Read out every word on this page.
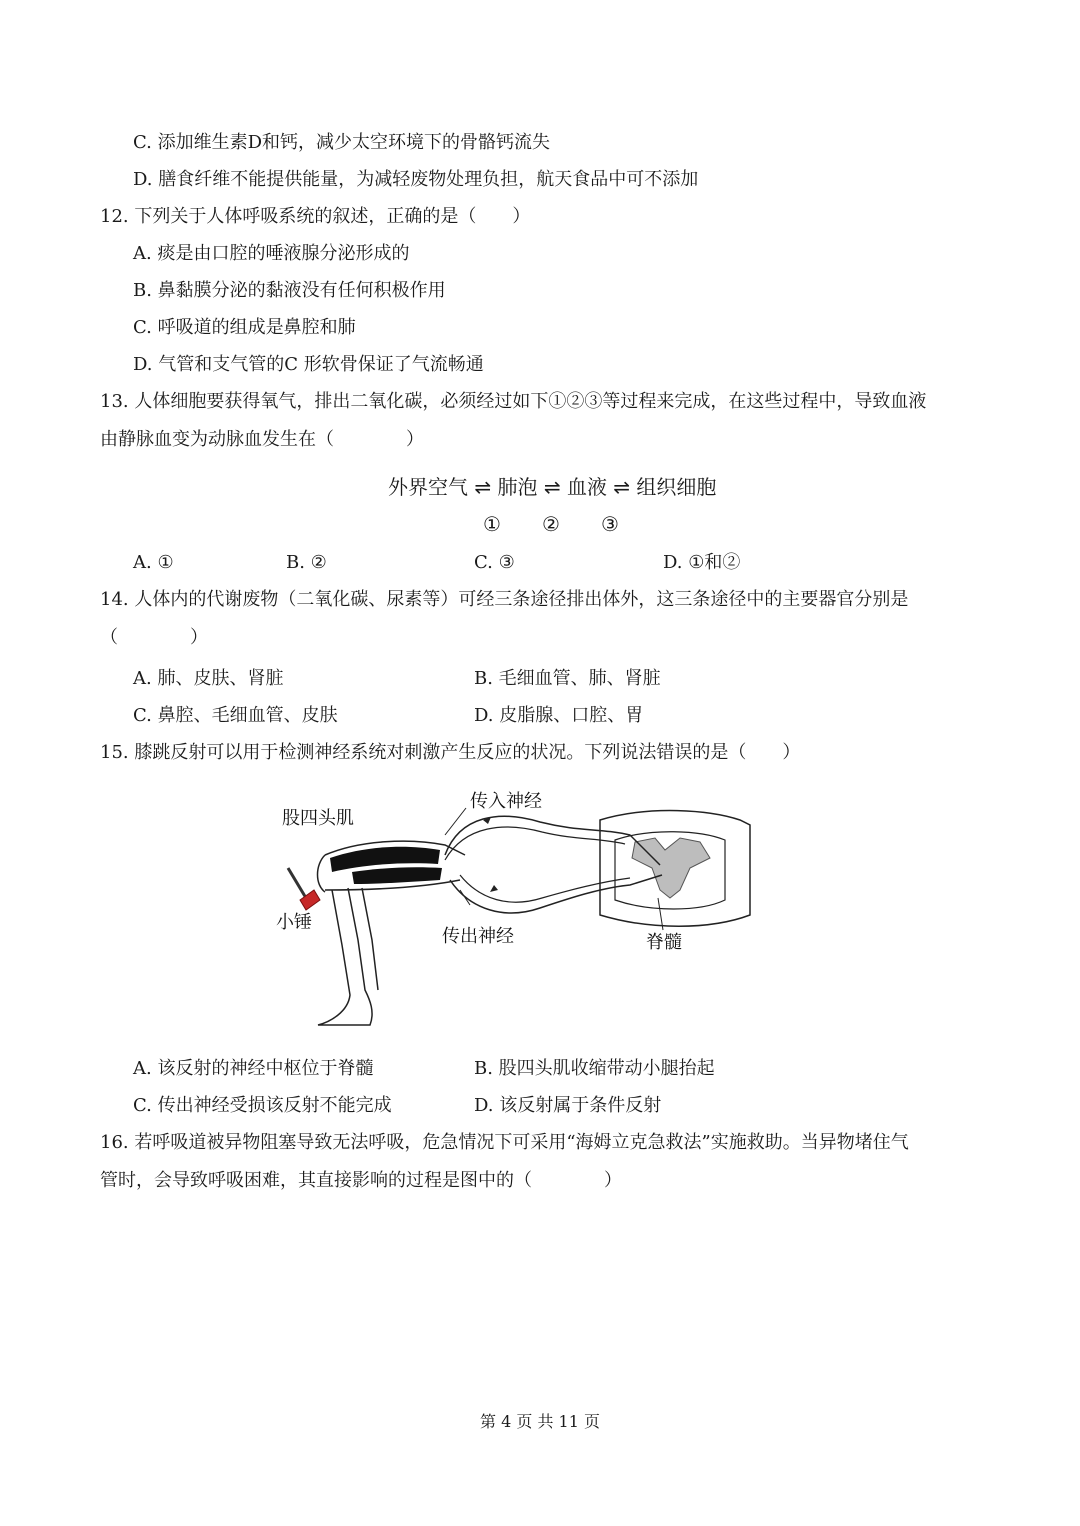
C. 添加维生素D和钙，减少太空环境下的骨骼钙流失
D. 膳食纤维不能提供能量，为减轻废物处理负担，航天食品中可不添加
12. 下列关于人体呼吸系统的叙述，正确的是（　　）
A. 痰是由口腔的唾液腺分泌形成的
B. 鼻黏膜分泌的黏液没有任何积极作用
C. 呼吸道的组成是鼻腔和肺
D. 气管和支气管的C 形软骨保证了气流畅通
13. 人体细胞要获得氧气，排出二氧化碳，必须经过如下①②③等过程来完成，在这些过程中，导致血液
由静脉血变为动脉血发生在（　　　　）
外界空气 ⇌ 肺泡 ⇌ 血液 ⇌ 组织细胞
① ② ③
A. ①	B. ②	C. ③	D. ①和②
14. 人体内的代谢废物（二氧化碳、尿素等）可经三条途径排出体外，这三条途径中的主要器官分别是
（　　　　）
A. 肺、皮肤、肾脏	B. 毛细血管、肺、肾脏
C. 鼻腔、毛细血管、皮肤	D. 皮脂腺、口腔、胃
15. 膝跳反射可以用于检测神经系统对刺激产生反应的状况。下列说法错误的是（　　）
股四头肌
传入神经
小锤
传出神经	脊髓
A. 该反射的神经中枢位于脊髓	B. 股四头肌收缩带动小腿抬起
C. 传出神经受损该反射不能完成	D. 该反射属于条件反射
16. 若呼吸道被异物阻塞导致无法呼吸，危急情况下可采用“海姆立克急救法”实施救助。当异物堵住气
管时，会导致呼吸困难，其直接影响的过程是图中的（　　　　）
第 4 页 共 11 页
